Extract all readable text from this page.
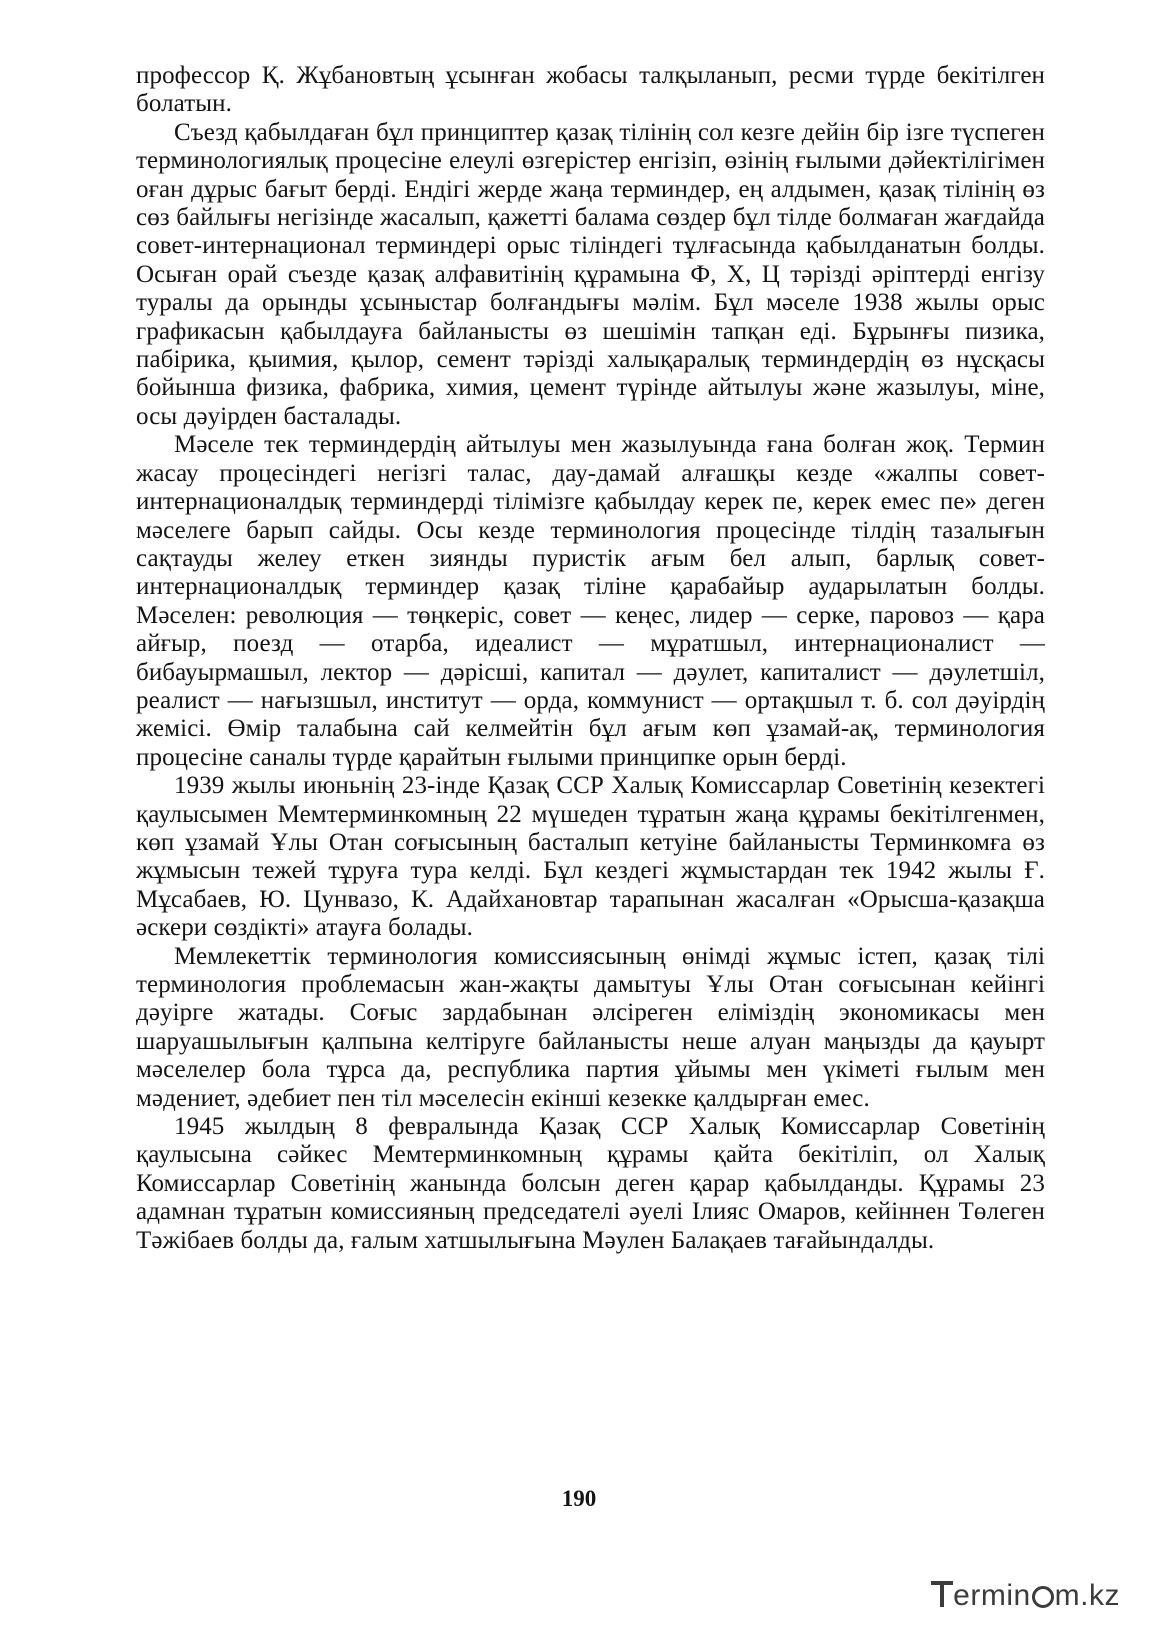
профессор Қ. Жұбановтың ұсынған жобасы талқыланып, ресми түрде бекітілген болатын.

Съезд қабылдаған бұл принциптер қазақ тілінің сол кезге дейін бір ізге түспеген терминологиялық процесіне елеулі өзгерістер енгізіп, өзінің ғылыми дәйектілігімен оған дұрыс бағыт берді. Ендігі жерде жаңа терминдер, ең алдымен, қазақ тілінің өз сөз байлығы негізінде жасалып, қажетті балама сөздер бұл тілде болмаған жағдайда совет-интернационал терминдері орыс тіліндегі тұлғасында қабылданатын болды. Осыған орай съезде қазақ алфавитінің құрамына Ф, Х, Ц тәрізді әріптерді енгізу туралы да орынды ұсыныстар болғандығы мәлім. Бұл мәселе 1938 жылы орыс графикасын қабылдауға байланысты өз шешімін тапқан еді. Бұрынғы пизика, пабірика, қыимия, қылор, семент тәрізді халықаралық терминдердің өз нұсқасы бойынша физика, фабрика, химия, цемент түрінде айтылуы және жазылуы, міне, осы дәуірден басталады.

Мәселе тек терминдердің айтылуы мен жазылуында ғана болған жоқ. Термин жасау процесіндегі негізгі талас, дау-дамай алғашқы кезде «жалпы совет-интернационалдық терминдерді тілімізге қабылдау керек пе, керек емес пе» деген мәселеге барып сайды. Осы кезде терминология процесінде тілдің тазалығын сақтауды желеу еткен зиянды пуристік ағым бел алып, барлық совет-интернационалдық терминдер қазақ тіліне қарабайыр аударылатын болды. Мәселен: революция — төңкеріс, совет — кеңес, лидер — серке, паровоз — қара айғыр, поезд — отарба, идеалист — мұратшыл, интернационалист — бибауырмашыл, лектор — дәрісші, капитал — дәулет, капиталист — дәулетшіл, реалист — нағызшыл, институт — орда, коммунист — ортақшыл т. б. сол дәуірдің жемісі. Өмір талабына сай келмейтін бұл ағым көп ұзамай-ақ, терминология процесіне саналы түрде қарайтын ғылыми принципке орын берді.

1939 жылы июньнің 23-інде Қазақ ССР Халық Комиссарлар Советінің кезектегі қаулысымен Мемтерминкомның 22 мүшеден тұратын жаңа құрамы бекітілгенмен, көп ұзамай Ұлы Отан соғысының басталып кетуіне байланысты Терминкомға өз жұмысын тежей тұруға тура келді. Бұл кездегі жұмыстардан тек 1942 жылы Ғ. Мұсабаев, Ю. Цунвазо, К. Адайхановтар тарапынан жасалған «Орысша-қазақша әскери сөздікті» атауға болады.

Мемлекеттік терминология комиссиясының өнімді жұмыс істеп, қазақ тілі терминология проблемасын жан-жақты дамытуы Ұлы Отан соғысынан кейінгі дәуірге жатады. Соғыс зардабынан әлсіреген еліміздің экономикасы мен шаруашылығын қалпына келтіруге байланысты неше алуан маңызды да қауырт мәселелер бола тұрса да, республика партия ұйымы мен үкіметі ғылым мен мәдениет, әдебиет пен тіл мәселесін екінші кезекке қалдырған емес.

1945 жылдың 8 февралында Қазақ ССР Халық Комиссарлар Советінің қаулысына сәйкес Мемтерминкомның құрамы қайта бекітіліп, ол Халық Комиссарлар Советінің жанында болсын деген қарар қабылданды. Құрамы 23 адамнан тұратын комиссияның председателі әуелі Ілияс Омаров, кейіннен Төлеген Тәжібаев болды да, ғалым хатшылығына Мәулен Балақаев тағайындалды.

190
ermin m.kz
